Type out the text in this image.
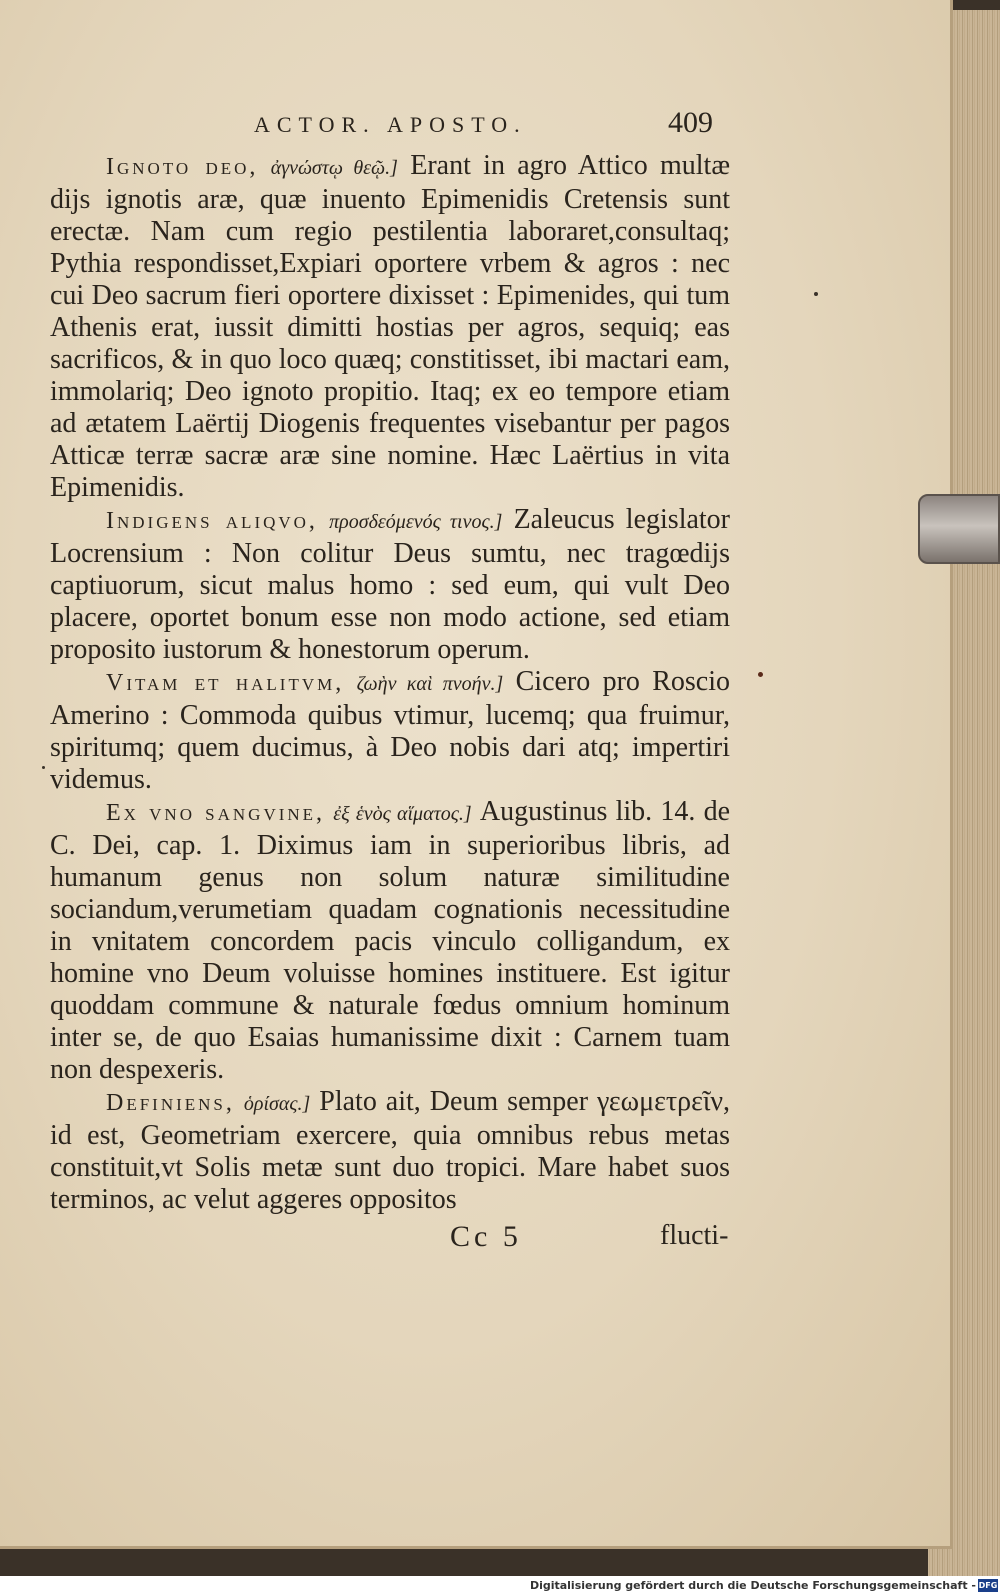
ACTOR. APOSTO.	409

Ignoto deo, ἀγνώστῳ θεῷ.] Erant in agro Attico multæ dijs ignotis aræ, quæ inuento Epimenidis Cretensis sunt erectæ. Nam cum regio pestilentia laboraret,consultaq; Pythia respondisset,Expiari oportere vrbem & agros : nec cui Deo sacrum fieri oportere dixisset : Epimenides, qui tum Athenis erat, iussit dimitti hostias per agros, sequiq; eas sacrificos, & in quo loco quæq; constitisset, ibi mactari eam, immolariq; Deo ignoto propitio. Itaq; ex eo tempore etiam ad ætatem Laërtij Diogenis frequentes visebantur per pagos Atticæ terræ sacræ aræ sine nomine. Hæc Laërtius in vita Epimenidis.

Indigens aliqvo, προσδεόμενός τινος.] Zaleucus legislator Locrensium : Non colitur Deus sumtu, nec tragœdijs captiuorum, sicut malus homo : sed eum, qui vult Deo placere, oportet bonum esse non modo actione, sed etiam proposito iustorum & honestorum operum.

Vitam et halitvm, ζωὴν καὶ πνοήν.] Cicero pro Roscio Amerino : Commoda quibus vtimur, lucemq; qua fruimur, spiritumq; quem ducimus, à Deo nobis dari atq; impertiri videmus.

Ex vno sangvine, ἐξ ἑνὸς αἵματος.] Augustinus lib. 14. de C. Dei, cap. 1. Diximus iam in superioribus libris, ad humanum genus non solum naturæ similitudine sociandum,verumetiam quadam cognationis necessitudine in vnitatem concordem pacis vinculo colligandum, ex homine vno Deum voluisse homines instituere. Est igitur quoddam commune & naturale fœdus omnium hominum inter se, de quo Esaias humanissime dixit : Carnem tuam non despexeris.

Definiens, ὁρίσας.] Plato ait, Deum semper γεωμετρεῖν, id est, Geometriam exercere, quia omnibus rebus metas constituit,vt Solis metæ sunt duo tropici. Mare habet suos terminos, ac velut aggeres oppositos

Cc 5	flucti-
Digitalisierung gefördert durch die Deutsche Forschungsgemeinschaft - DFG
